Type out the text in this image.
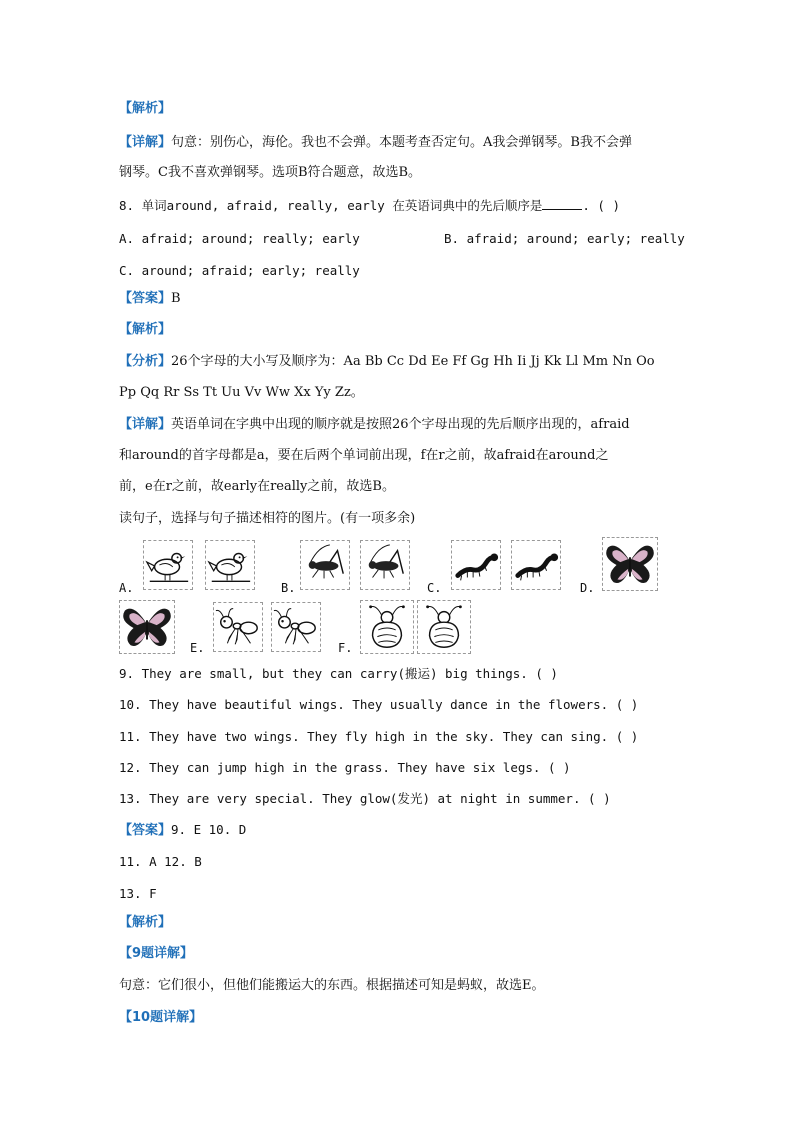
【解析】
【详解】句意：别伤心，海伦。我也不会弹。本题考查否定句。A我会弹钢琴。B我不会弹
钢琴。C我不喜欢弹钢琴。选项B符合题意，故选B。
8. 单词around, afraid, really, early 在英语词典中的先后顺序是	. ( )
A. afraid; around; really; early	B. afraid; around; early; really
C. around; afraid; early; really
【答案】B
【解析】
【分析】26个字母的大小写及顺序为：Aa Bb Cc Dd Ee Ff Gg Hh Ii Jj Kk Ll Mm Nn Oo
Pp Qq Rr Ss Tt Uu Vv Ww Xx Yy Zz。
【详解】英语单词在字典中出现的顺序就是按照26个字母出现的先后顺序出现的，afraid
和around的首字母都是a，要在后两个单词前出现，f在r之前，故afraid在around之
前，e在r之前，故early在really之前，故选B。
读句子，选择与句子描述相符的图片。(有一项多余)
A.	B.	C.	D.
E.	F.
9. They are small, but they can carry(搬运) big things. ( )
10. They have beautiful wings. They usually dance in the flowers. ( )
11. They have two wings. They fly high in the sky. They can sing. ( )
12. They can jump high in the grass. They have six legs. ( )
13. They are very special. They glow(发光) at night in summer. ( )
【答案】9. E 10. D
11. A 12. B
13. F
【解析】
【9题详解】
句意：它们很小，但他们能搬运大的东西。根据描述可知是蚂蚁，故选E。
【10题详解】
